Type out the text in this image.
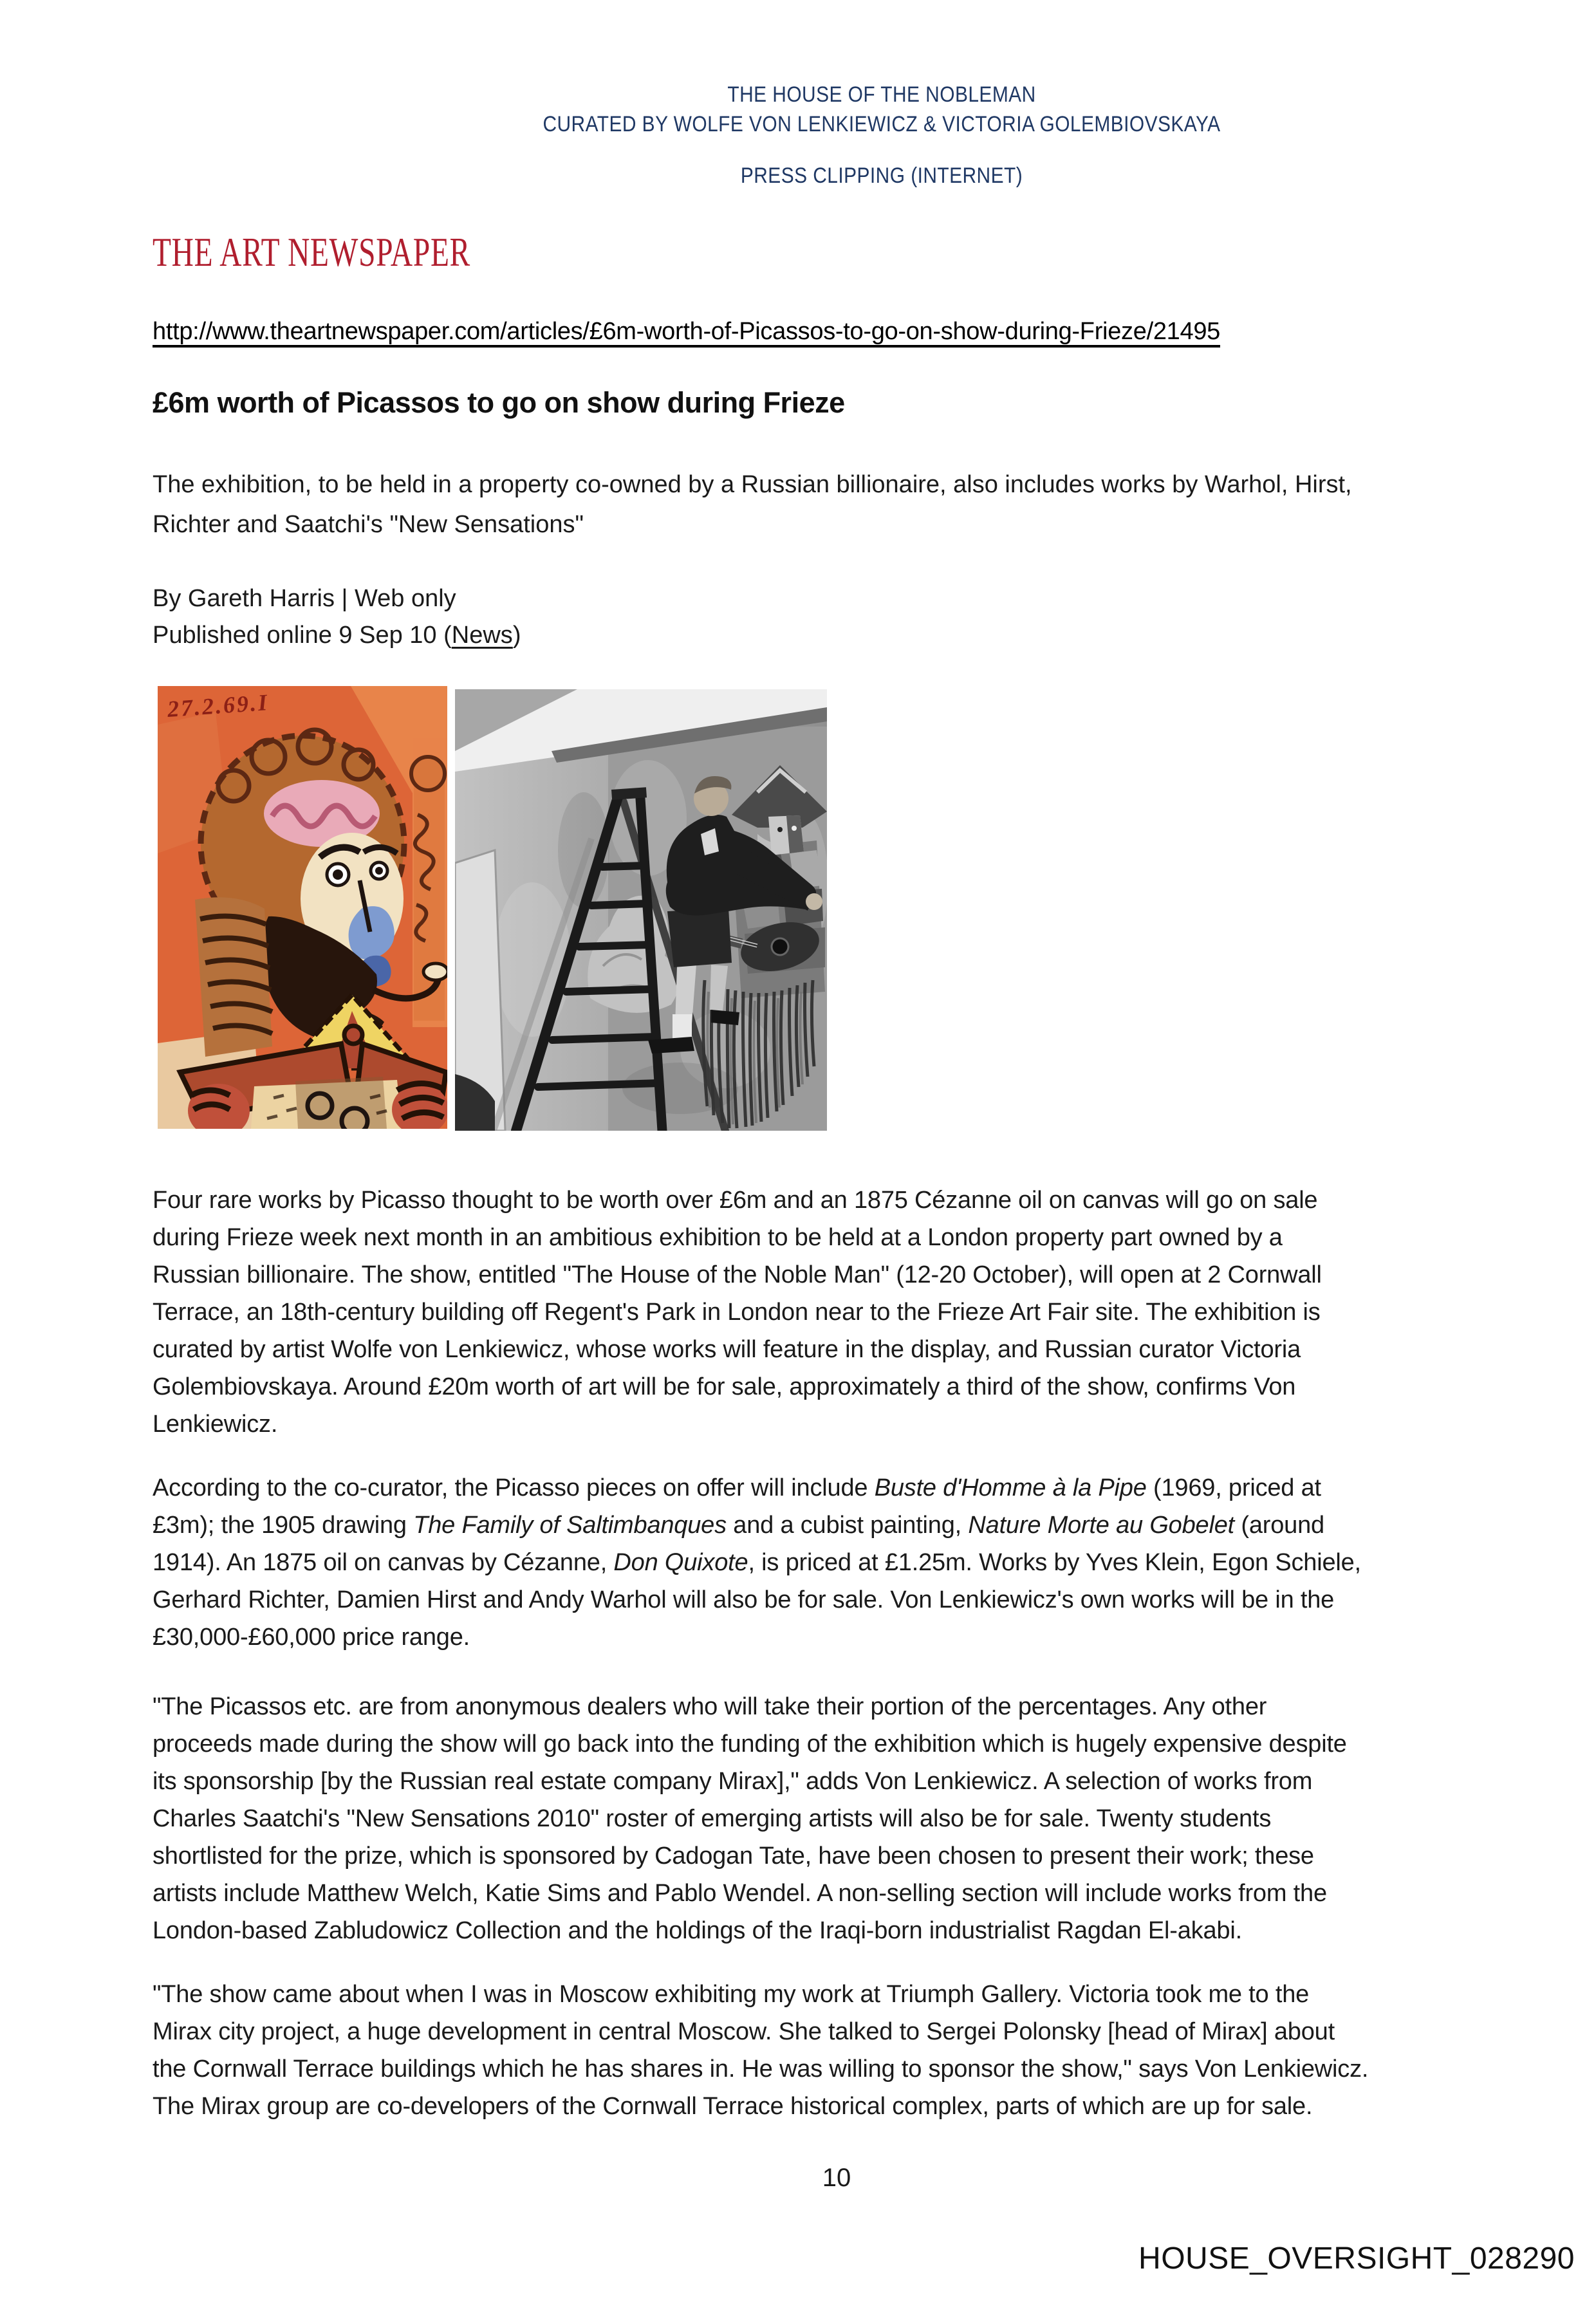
THE HOUSE OF THE NOBLEMAN
CURATED BY WOLFE VON LENKIEWICZ & VICTORIA GOLEMBIOVSKAYA
PRESS CLIPPING (INTERNET)
THE ART NEWSPAPER
http://www.theartnewspaper.com/articles/£6m-worth-of-Picassos-to-go-on-show-during-Frieze/21495
£6m worth of Picassos to go on show during Frieze
The exhibition, to be held in a property co-owned by a Russian billionaire, also includes works by Warhol, Hirst,
Richter and Saatchi's "New Sensations"
By Gareth Harris | Web only
Published online 9 Sep 10 (News)
27.2.69.I
Four rare works by Picasso thought to be worth over £6m and an 1875 Cézanne oil on canvas will go on sale
during Frieze week next month in an ambitious exhibition to be held at a London property part owned by a
Russian billionaire. The show, entitled "The House of the Noble Man" (12-20 October), will open at 2 Cornwall
Terrace, an 18th-century building off Regent's Park in London near to the Frieze Art Fair site. The exhibition is
curated by artist Wolfe von Lenkiewicz, whose works will feature in the display, and Russian curator Victoria
Golembiovskaya. Around £20m worth of art will be for sale, approximately a third of the show, confirms Von
Lenkiewicz.
According to the co-curator, the Picasso pieces on offer will include Buste d'Homme à la Pipe (1969, priced at
£3m); the 1905 drawing The Family of Saltimbanques and a cubist painting, Nature Morte au Gobelet (around
1914). An 1875 oil on canvas by Cézanne, Don Quixote, is priced at £1.25m. Works by Yves Klein, Egon Schiele,
Gerhard Richter, Damien Hirst and Andy Warhol will also be for sale. Von Lenkiewicz's own works will be in the
£30,000-£60,000 price range.
"The Picassos etc. are from anonymous dealers who will take their portion of the percentages. Any other
proceeds made during the show will go back into the funding of the exhibition which is hugely expensive despite
its sponsorship [by the Russian real estate company Mirax]," adds Von Lenkiewicz. A selection of works from
Charles Saatchi's "New Sensations 2010" roster of emerging artists will also be for sale. Twenty students
shortlisted for the prize, which is sponsored by Cadogan Tate, have been chosen to present their work; these
artists include Matthew Welch, Katie Sims and Pablo Wendel. A non-selling section will include works from the
London-based Zabludowicz Collection and the holdings of the Iraqi-born industrialist Ragdan El-akabi.
"The show came about when I was in Moscow exhibiting my work at Triumph Gallery. Victoria took me to the
Mirax city project, a huge development in central Moscow. She talked to Sergei Polonsky [head of Mirax] about
the Cornwall Terrace buildings which he has shares in. He was willing to sponsor the show," says Von Lenkiewicz.
The Mirax group are co-developers of the Cornwall Terrace historical complex, parts of which are up for sale.
10
HOUSE_OVERSIGHT_028290
